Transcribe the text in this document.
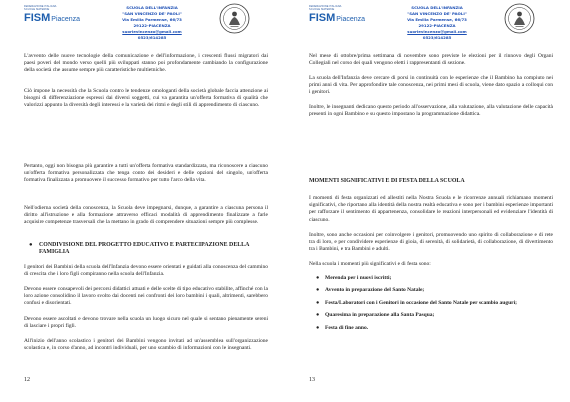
FEDERAZIONE ITALIANA
SCUOLE MATERNE
FISMPiacenza
SCUOLA DELL'INFANZIA
"SAN VINCENZO DE' PAOLI"
Via Emilia Parmense, 66/73
29122-PIACENZA
suorlevincenzo@gmail.com
0523/614285

L'avvento delle nuove tecnologie della comunicazione e dell'informazione, i crescenti flussi migratori dai paesi poveri del mondo verso quelli più sviluppati stanno poi profondamente cambiando la configurazione della società che assume sempre più caratteristiche multietniche.

Ciò impone la necessità che la Scuola contro le tendenze omologanti della società globale faccia attenzione ai bisogni di differenziazione espressi dai diversi soggetti, cui va garantita un'offerta formativa di qualità che valorizzi appunto la diversità degli interessi e la varietà dei ritmi e degli stili di apprendimento di ciascuno.

Pertanto, oggi non bisogna più garantire a tutti un'offerta formativa standardizzata, ma riconoscere a ciascuno un'offerta formativa personalizzata che tenga conto dei desideri e delle opzioni del singolo, un'offerta formativa finalizzata a promuovere il successo formativo per tutto l'arco della vita.

Nell'odierna società della conoscenza, la Scuola deve impegnarsi, dunque, a garantire a ciascuna persona il diritto all'istruzione e alla formazione attraverso efficaci modalità di apprendimento finalizzate a farle acquisire competenze trasversali che la mettano in grado di comprendere situazioni sempre più complesse.

● CONDIVISIONE DEL PROGETTO EDUCATIVO E PARTECIPAZIONE DELLA FAMIGLIA

I genitori dei Bambini della scuola dell'Infanzia devono essere orientati e guidati alla conoscenza del cammino di crescita che i loro figli compiranno nella scuola dell'Infanzia.

Devono essere consapevoli dei percorsi didattici attuati e delle scelte di tipo educativo stabilite, affinché con la loro azione consolidino il lavoro svolto dai docenti nei confronti dei loro bambini i quali, altrimenti, sarebbero confusi e disorientati.

Devono essere ascoltati e devono trovare nella scuola un luogo sicuro nel quale si sentano pienamente sereni di lasciare i propri figli.

All'inizio dell'anno scolastico i genitori dei Bambini vengono invitati ad un'assemblea sull'organizzazione scolastica e, in corso d'anno, ad incontri individuali, per uno scambio di informazioni con le insegnanti.

12
FEDERAZIONE ITALIANA
SCUOLE MATERNE
FISMPiacenza
SCUOLA DELL'INFANZIA
"SAN VINCENZO DE' PAOLI"
Via Emilia Parmense, 66/73
29122-PIACENZA
suorlevincenzo@gmail.com
0523/614285

Nel mese di ottobre/prima settimana di novembre sono previste le elezioni per il rinnovo degli Organi Collegiali nel corso dei quali vengono eletti i rappresentanti di sezione.

La scuola dell'Infanzia deve cercare di porsi in continuità con le esperienze che il Bambino ha compiuto nei primi anni di vita. Per approfondire tale conoscenza, nei primi mesi di scuola, viene dato spazio a colloqui con i genitori.

Inoltre, le insegnanti dedicano questo periodo all'osservazione, alla valutazione, alla valutazione delle capacità presenti in ogni Bambino e su questo impostano la programmazione didattica.

MOMENTI SIGNIFICATIVI E DI FESTA DELLA SCUOLA

I momenti di festa organizzati ed allestiti nella Nostra Scuola e le ricorrenze annuali richiamano momenti significativi, che riportano alla identità della nostra realtà educativa e sono per i bambini esperienze importanti per rafforzare il sentimento di appartenenza, consolidare le reazioni interpersonali ed evidenziare l'identità di ciascuno.

Inoltre, sono anche occasioni per coinvolgere i genitori, promuovendo uno spirito di collaborazione e di rete tra di loro, e per condividere esperienze di gioia, di serenità, di solidarietà, di collaborazione, di divertimento tra i Bambini, e tra Bambini e adulti.

Nella scuola i momenti più significativi e di festa sono:

● Merenda per i nuovi iscritti;
● Avvento in preparazione del Santo Natale;
● Festa/Laboratori con i Genitori in occasione del Santo Natale per scambio auguri;
● Quaresima in preparazione alla Santa Pasqua;
● Festa di fine anno.
13
